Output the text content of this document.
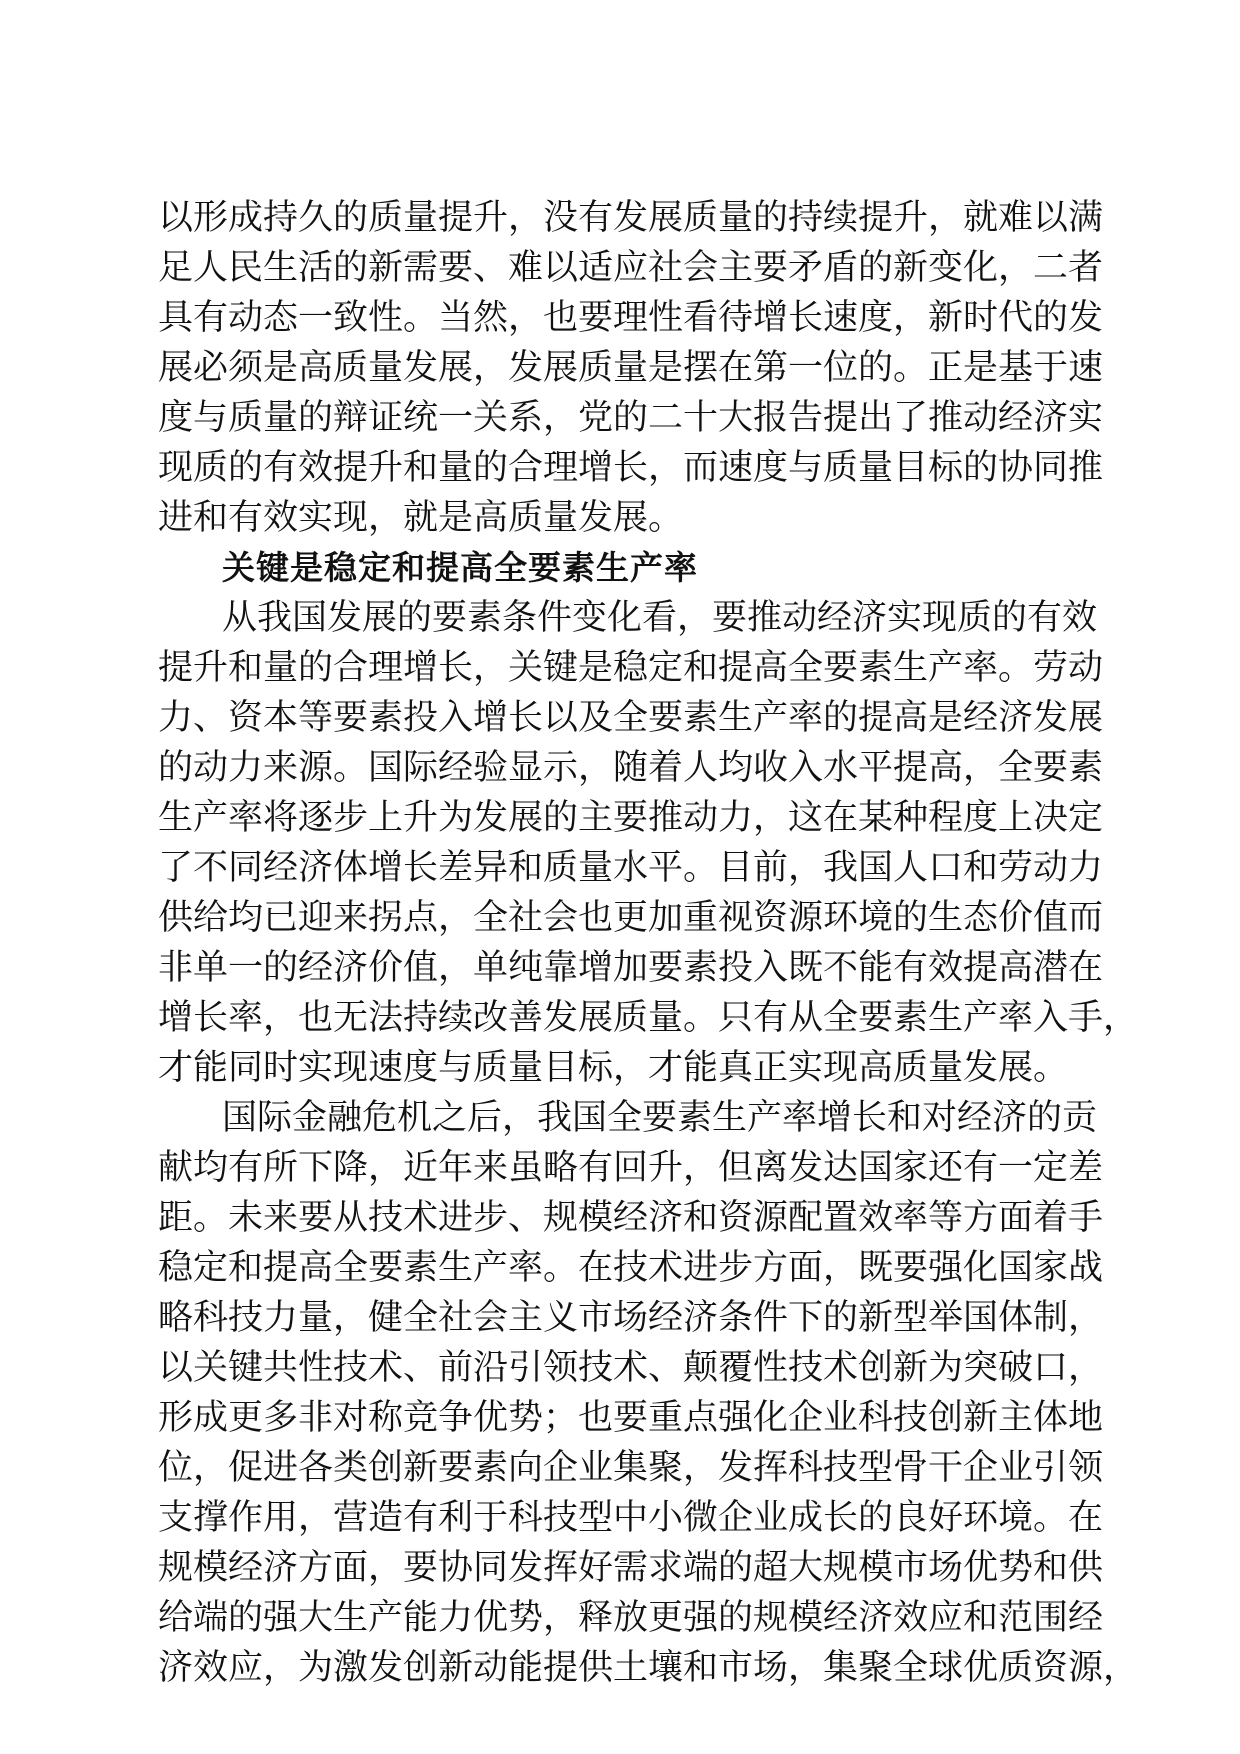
以形成持久的质量提升，没有发展质量的持续提升，就难以满
足人民生活的新需要、难以适应社会主要矛盾的新变化，二者
具有动态一致性。当然，也要理性看待增长速度，新时代的发
展必须是高质量发展，发展质量是摆在第一位的。正是基于速
度与质量的辩证统一关系，党的二十大报告提出了推动经济实
现质的有效提升和量的合理增长，而速度与质量目标的协同推
进和有效实现，就是高质量发展。
关键是稳定和提高全要素生产率
从我国发展的要素条件变化看，要推动经济实现质的有效
提升和量的合理增长，关键是稳定和提高全要素生产率。劳动
力、资本等要素投入增长以及全要素生产率的提高是经济发展
的动力来源。国际经验显示，随着人均收入水平提高，全要素
生产率将逐步上升为发展的主要推动力，这在某种程度上决定
了不同经济体增长差异和质量水平。目前，我国人口和劳动力
供给均已迎来拐点，全社会也更加重视资源环境的生态价值而
非单一的经济价值，单纯靠增加要素投入既不能有效提高潜在
增长率，也无法持续改善发展质量。只有从全要素生产率入手，
才能同时实现速度与质量目标，才能真正实现高质量发展。
国际金融危机之后，我国全要素生产率增长和对经济的贡
献均有所下降，近年来虽略有回升，但离发达国家还有一定差
距。未来要从技术进步、规模经济和资源配置效率等方面着手
稳定和提高全要素生产率。在技术进步方面，既要强化国家战
略科技力量，健全社会主义市场经济条件下的新型举国体制，
以关键共性技术、前沿引领技术、颠覆性技术创新为突破口，
形成更多非对称竞争优势；也要重点强化企业科技创新主体地
位，促进各类创新要素向企业集聚，发挥科技型骨干企业引领
支撑作用，营造有利于科技型中小微企业成长的良好环境。在
规模经济方面，要协同发挥好需求端的超大规模市场优势和供
给端的强大生产能力优势，释放更强的规模经济效应和范围经
济效应，为激发创新动能提供土壤和市场，集聚全球优质资源，
